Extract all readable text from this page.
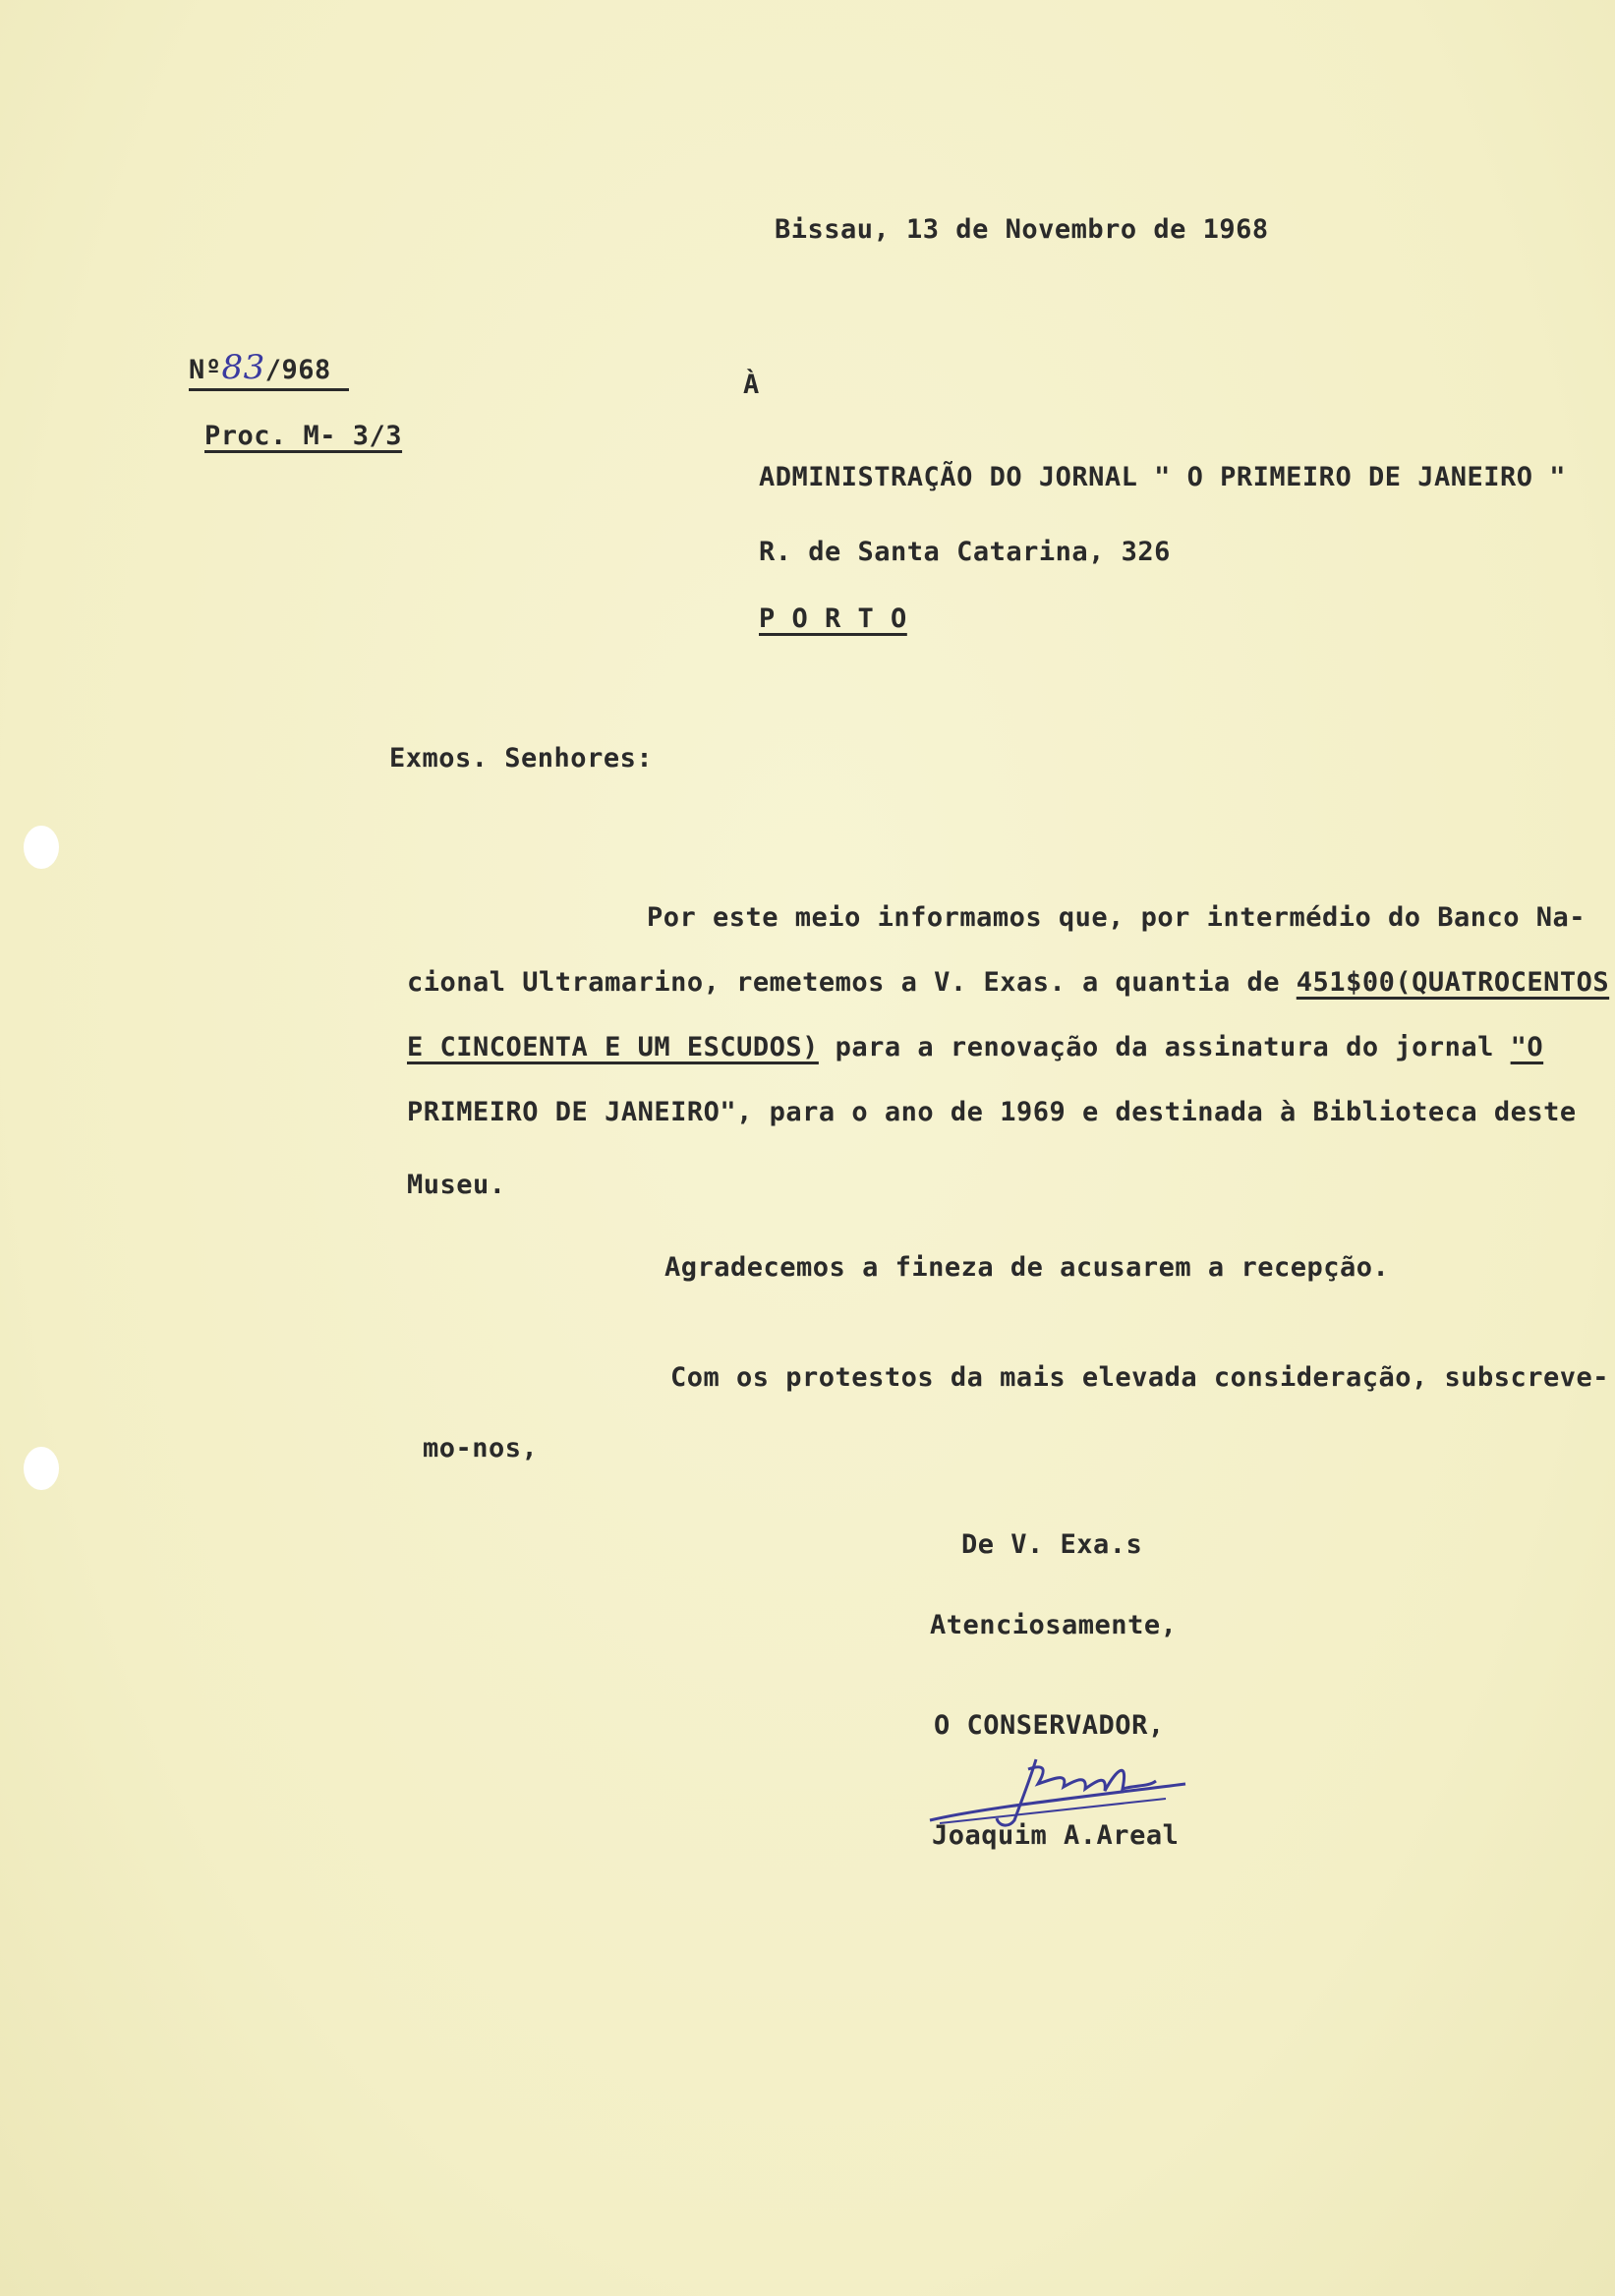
Bissau, 13 de Novembro de 1968
Nº83/968
Proc. M- 3/3
À
ADMINISTRAÇÃO DO JORNAL " O PRIMEIRO DE JANEIRO "
R. de Santa Catarina, 326
P O R T O
Exmos. Senhores:
Por este meio informamos que, por intermédio do Banco Na-
cional Ultramarino, remetemos a V. Exas. a quantia de 451$00(QUATROCENTOS
E CINCOENTA E UM ESCUDOS) para a renovação da assinatura do jornal "O
PRIMEIRO DE JANEIRO", para o ano de 1969 e destinada à Biblioteca deste
Museu.
Agradecemos a fineza de acusarem a recepção.
Com os protestos da mais elevada consideração, subscreve-
mo-nos,
De V. Exa.s
Atenciosamente,
O CONSERVADOR,
Joaquim A.Areal
